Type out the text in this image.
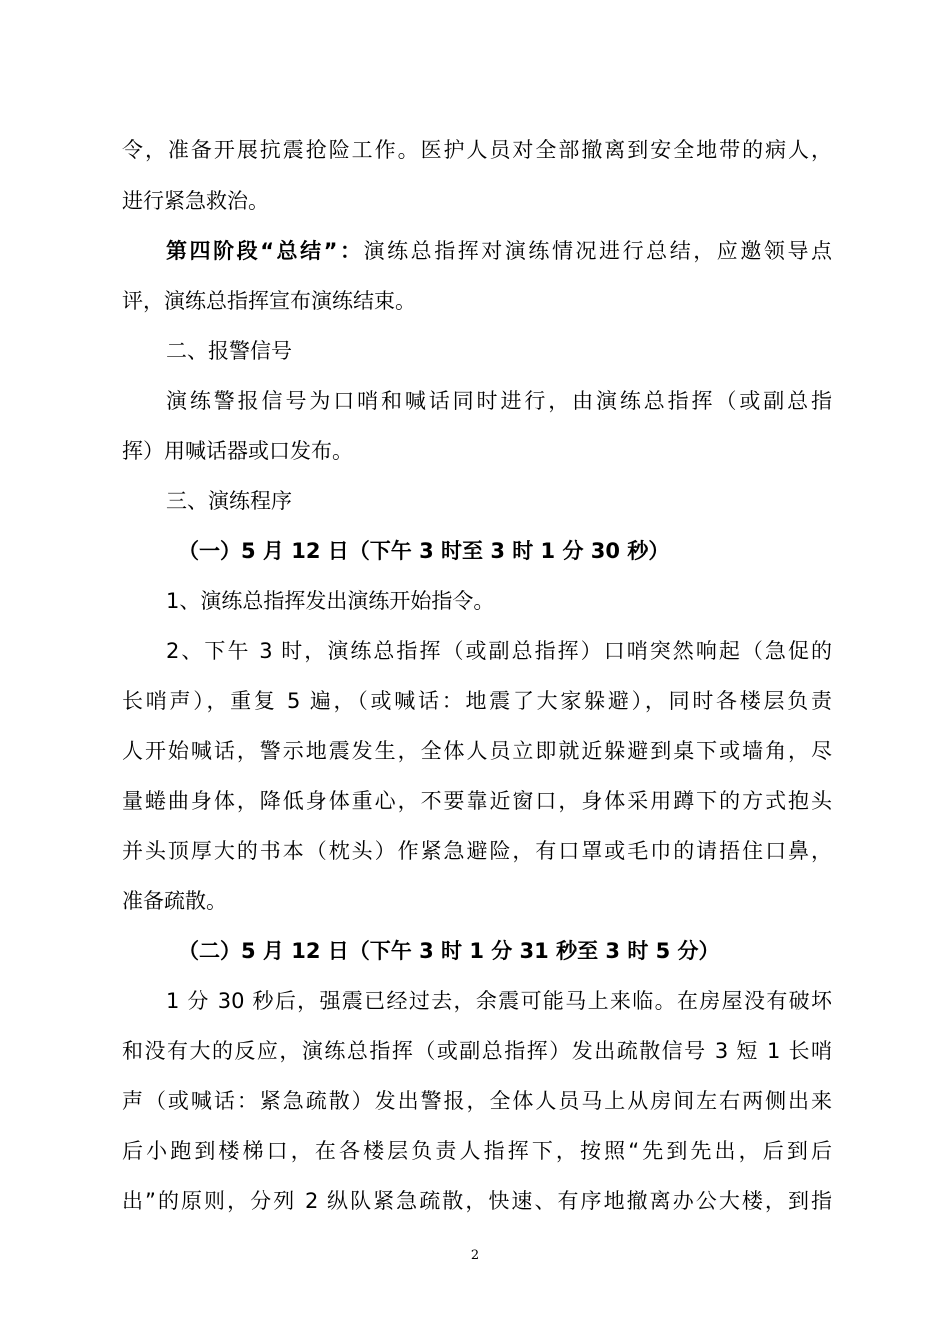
令，准备开展抗震抢险工作。医护人员对全部撤离到安全地带的病人，
进行紧急救治。
第四阶段“总结”：演练总指挥对演练情况进行总结，应邀领导点
评，演练总指挥宣布演练结束。
二、报警信号
演练警报信号为口哨和喊话同时进行，由演练总指挥（或副总指
挥）用喊话器或口发布。
三、演练程序
（一）5 月 12 日（下午 3 时至 3 时 1 分 30 秒）
1、演练总指挥发出演练开始指令。
2、下午 3 时，演练总指挥（或副总指挥）口哨突然响起（急促的
长哨声），重复 5 遍，（或喊话：地震了大家躲避），同时各楼层负责
人开始喊话，警示地震发生，全体人员立即就近躲避到桌下或墙角，尽
量蜷曲身体，降低身体重心，不要靠近窗口，身体采用蹲下的方式抱头
并头顶厚大的书本（枕头）作紧急避险，有口罩或毛巾的请捂住口鼻，
准备疏散。
（二）5 月 12 日（下午 3 时 1 分 31 秒至 3 时 5 分）
1 分 30 秒后，强震已经过去，余震可能马上来临。在房屋没有破坏
和没有大的反应，演练总指挥（或副总指挥）发出疏散信号 3 短 1 长哨
声（或喊话：紧急疏散）发出警报，全体人员马上从房间左右两侧出来
后小跑到楼梯口，在各楼层负责人指挥下，按照“先到先出，后到后
出”的原则，分列 2 纵队紧急疏散，快速、有序地撤离办公大楼，到指
2
